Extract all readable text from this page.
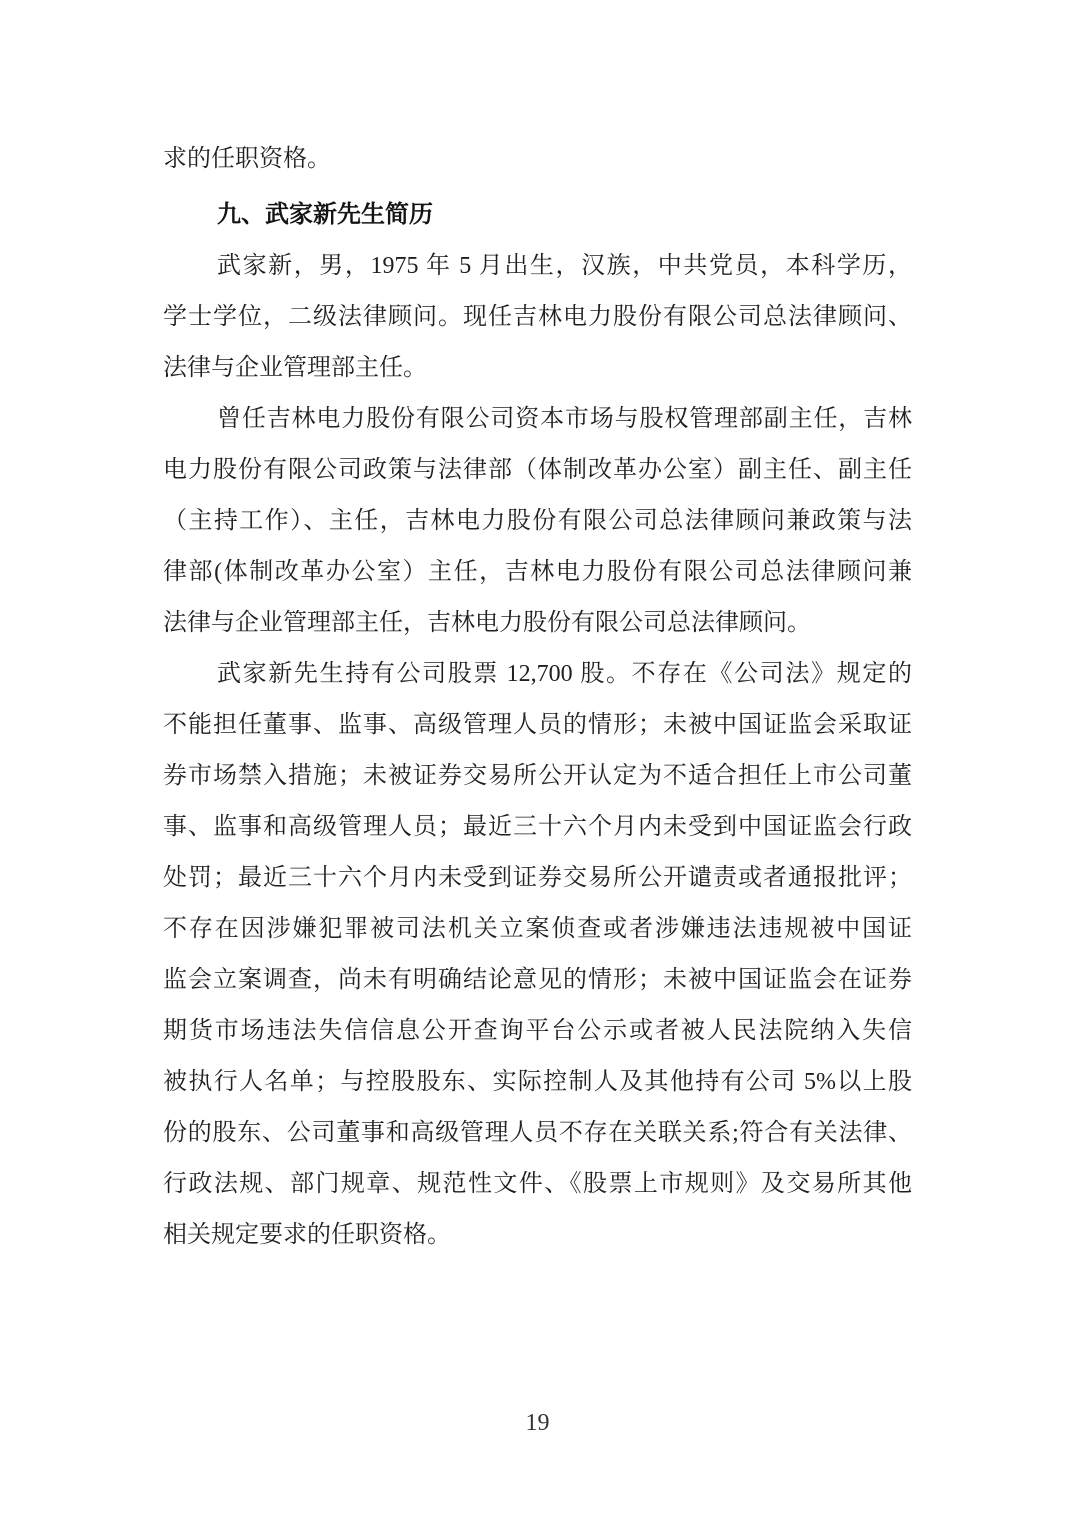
求的任职资格。
九、武家新先生简历
武家新，男，1975 年 5 月出生，汉族，中共党员，本科学历，
学士学位，二级法律顾问。现任吉林电力股份有限公司总法律顾问、
法律与企业管理部主任。
曾任吉林电力股份有限公司资本市场与股权管理部副主任，吉林
电力股份有限公司政策与法律部（体制改革办公室）副主任、副主任
（主持工作）、主任，吉林电力股份有限公司总法律顾问兼政策与法
律部(体制改革办公室）主任，吉林电力股份有限公司总法律顾问兼
法律与企业管理部主任，吉林电力股份有限公司总法律顾问。
武家新先生持有公司股票 12,700 股。不存在《公司法》规定的
不能担任董事、监事、高级管理人员的情形；未被中国证监会采取证
券市场禁入措施；未被证券交易所公开认定为不适合担任上市公司董
事、监事和高级管理人员；最近三十六个月内未受到中国证监会行政
处罚；最近三十六个月内未受到证券交易所公开谴责或者通报批评；
不存在因涉嫌犯罪被司法机关立案侦查或者涉嫌违法违规被中国证
监会立案调查，尚未有明确结论意见的情形；未被中国证监会在证券
期货市场违法失信信息公开查询平台公示或者被人民法院纳入失信
被执行人名单；与控股股东、实际控制人及其他持有公司 5%以上股
份的股东、公司董事和高级管理人员不存在关联关系;符合有关法律、
行政法规、部门规章、规范性文件、《股票上市规则》及交易所其他
相关规定要求的任职资格。
19
